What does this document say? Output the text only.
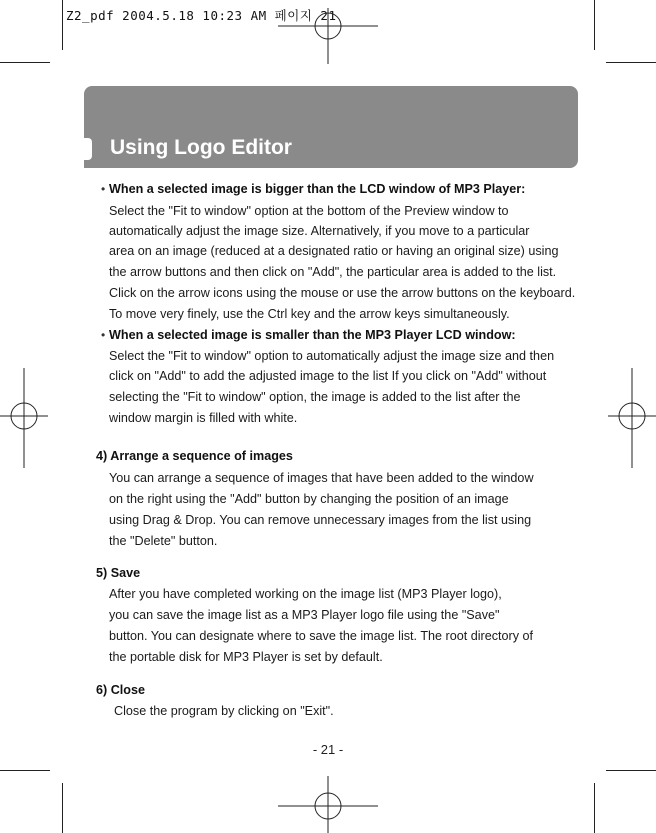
Z2_pdf 2004.5.18 10:23 AM 페이지 21
Using Logo Editor
• When a selected image is bigger than the LCD window of MP3 Player:
Select the "Fit to window" option at the bottom of the Preview window to
automatically adjust the image size. Alternatively, if you move to a particular
area on an image (reduced at a designated ratio or having an original size) using
the arrow buttons and then click on "Add", the particular area is added to the list.
Click on the arrow icons using the mouse or use the arrow buttons on the keyboard.
To move very finely, use the Ctrl key and the arrow keys simultaneously.
• When a selected image is smaller than the MP3 Player LCD window:
Select the "Fit to window" option to automatically adjust the image size and then
click on "Add" to add the adjusted image to the list If you click on "Add" without
selecting the "Fit to window" option, the image is added to the list after the
window margin is filled with white.
4) Arrange a sequence of images
You can arrange a sequence of images that have been added to the window
on the right using the "Add" button by changing the position of an image
using Drag & Drop. You can remove unnecessary images from the list using
the "Delete" button.
5) Save
After you have completed working on the image list (MP3 Player logo),
you can save the image list as a MP3 Player logo file using the "Save"
button. You can designate where to save the image list. The root directory of
the portable disk for MP3 Player is set by default.
6) Close
Close the program by clicking on "Exit".
- 21 -
